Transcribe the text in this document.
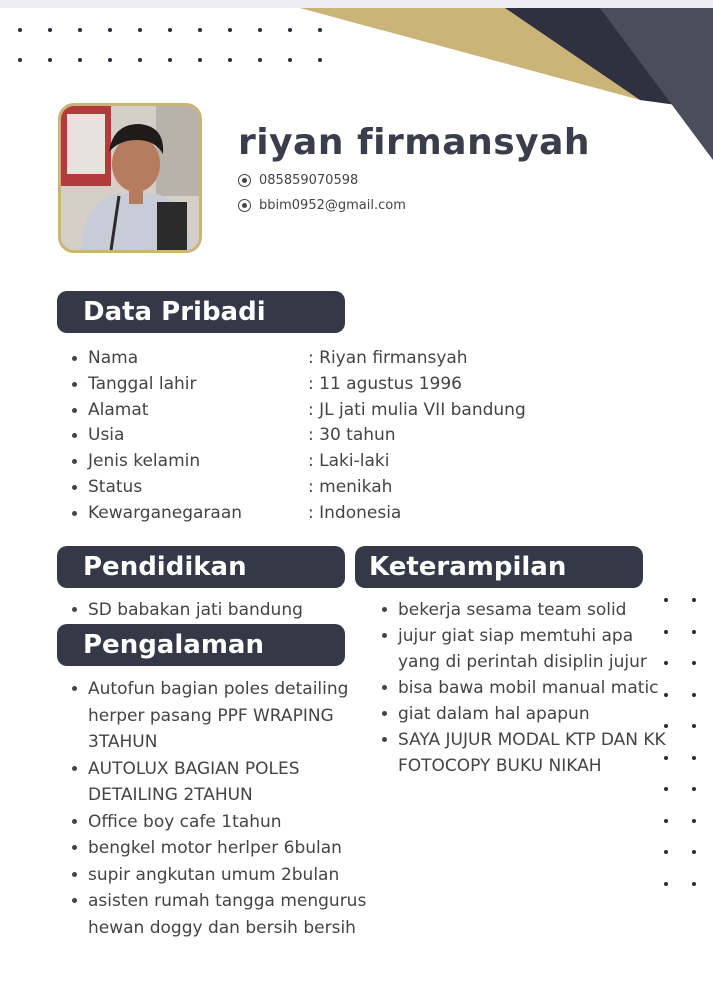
riyan firmansyah
085859070598
bbim0952@gmail.com
Data Pribadi
Nama	: Riyan firmansyah
Tanggal lahir	: 11 agustus 1996
Alamat	: JL jati mulia VII bandung
Usia	: 30 tahun
Jenis kelamin	: Laki-laki
Status	: menikah
Kewarganegaraan	: Indonesia
Pendidikan	Keterampilan
SD babakan jati bandung
Pengalaman
Autofun bagian poles detailing herper pasang PPF WRAPING 3TAHUN
AUTOLUX BAGIAN POLES DETAILING 2TAHUN
Office boy cafe 1tahun
bengkel motor herlper 6bulan
supir angkutan umum 2bulan
asisten rumah tangga mengurus hewan doggy dan bersih bersih
bekerja sesama team solid
jujur giat siap memtuhi apa yang di perintah disiplin jujur
bisa bawa mobil manual matic
giat dalam hal apapun
SAYA JUJUR MODAL KTP DAN KK FOTOCOPY BUKU NIKAH
